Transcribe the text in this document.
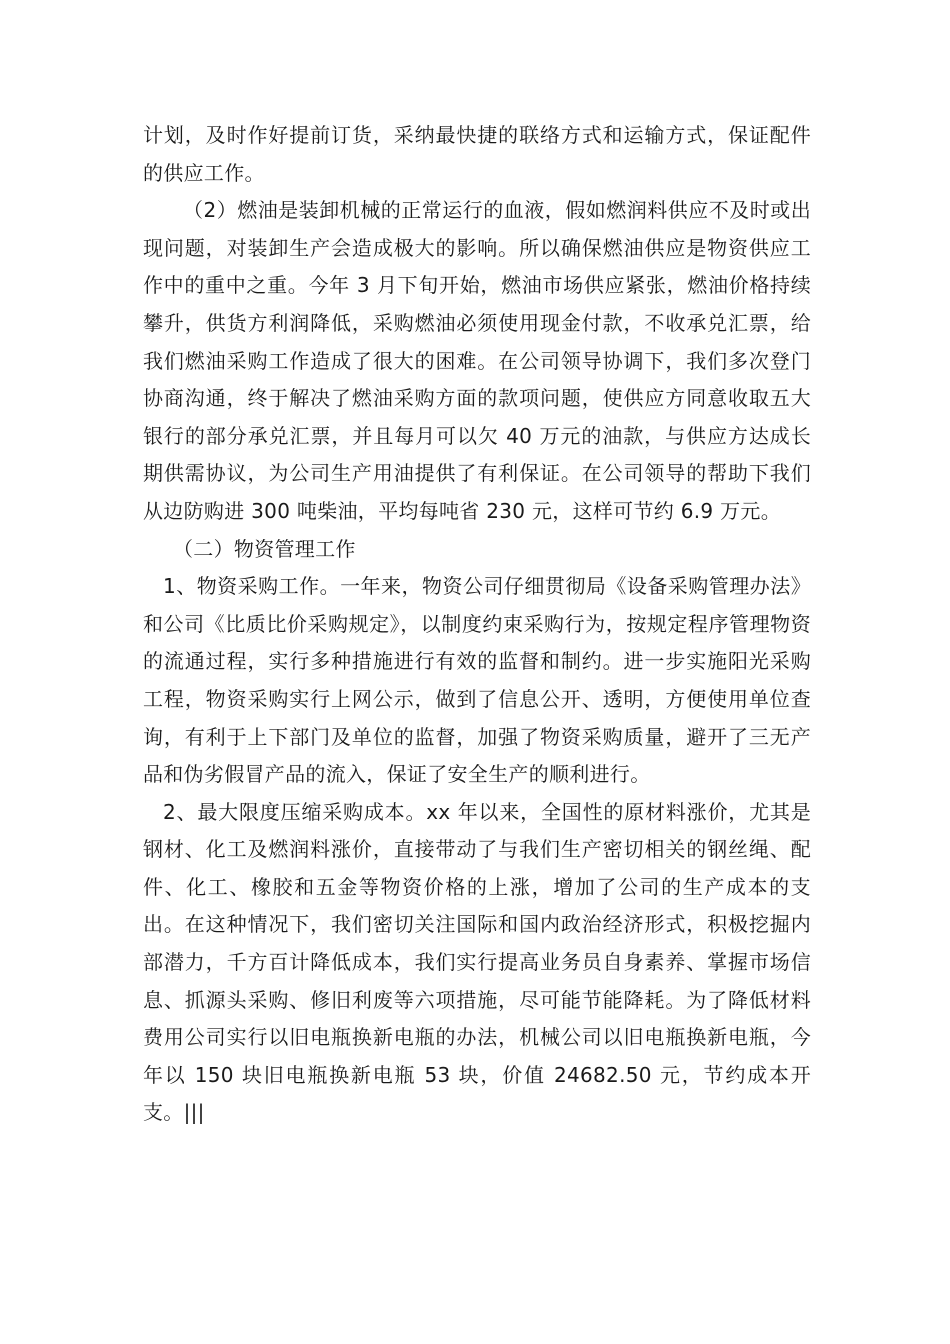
计划，及时作好提前订货，采纳最快捷的联络方式和运输方式，保证配件的供应工作。

（2）燃油是装卸机械的正常运行的血液，假如燃润料供应不及时或出现问题，对装卸生产会造成极大的影响。所以确保燃油供应是物资供应工作中的重中之重。今年 3 月下旬开始，燃油市场供应紧张，燃油价格持续攀升，供货方利润降低，采购燃油必须使用现金付款，不收承兑汇票，给我们燃油采购工作造成了很大的困难。在公司领导协调下，我们多次登门协商沟通，终于解决了燃油采购方面的款项问题，使供应方同意收取五大银行的部分承兑汇票，并且每月可以欠 40 万元的油款，与供应方达成长期供需协议，为公司生产用油提供了有利保证。在公司领导的帮助下我们从边防购进 300 吨柴油，平均每吨省 230 元，这样可节约 6.9 万元。

（二）物资管理工作

1、物资采购工作。一年来，物资公司仔细贯彻局《设备采购管理办法》和公司《比质比价采购规定》，以制度约束采购行为，按规定程序管理物资的流通过程，实行多种措施进行有效的监督和制约。进一步实施阳光采购工程，物资采购实行上网公示，做到了信息公开、透明，方便使用单位查询，有利于上下部门及单位的监督，加强了物资采购质量，避开了三无产品和伪劣假冒产品的流入，保证了安全生产的顺利进行。

2、最大限度压缩采购成本。xx 年以来，全国性的原材料涨价，尤其是钢材、化工及燃润料涨价，直接带动了与我们生产密切相关的钢丝绳、配件、化工、橡胶和五金等物资价格的上涨，增加了公司的生产成本的支出。在这种情况下，我们密切关注国际和国内政治经济形式，积极挖掘内部潜力，千方百计降低成本，我们实行提高业务员自身素养、掌握市场信息、抓源头采购、修旧利废等六项措施，尽可能节能降耗。为了降低材料费用公司实行以旧电瓶换新电瓶的办法，机械公司以旧电瓶换新电瓶，今年以 150 块旧电瓶换新电瓶 53 块，价值 24682.50 元，节约成本开支。|||
